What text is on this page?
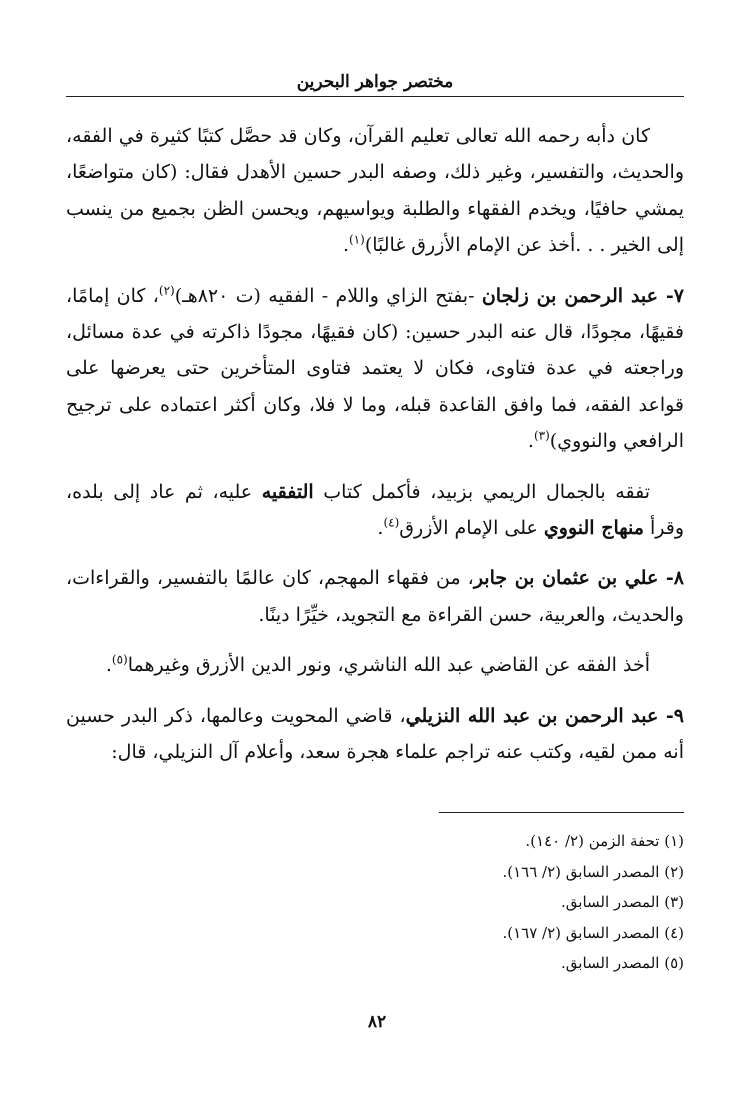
مختصر جواهر البحرين

كان دأبه رحمه الله تعالى تعليم القرآن، وكان قد حصَّل كتبًا كثيرة في الفقه، والحديث، والتفسير، وغير ذلك، وصفه البدر حسين الأهدل فقال: (كان متواضعًا، يمشي حافيًا، ويخدم الفقهاء والطلبة ويواسيهم، ويحسن الظن بجميع من ينسب إلى الخير . . .أخذ عن الإمام الأزرق غالبًا)$^{(١)}$.

٧- عبد الرحمن بن زلجان -بفتح الزاي واللام - الفقيه (ت ٨٢٠هـ)$^{(٢)}$، كان إمامًا، فقيهًا، مجودًا، قال عنه البدر حسين: (كان فقيهًا، مجودًا ذاكرته في عدة مسائل، وراجعته في عدة فتاوى، فكان لا يعتمد فتاوى المتأخرين حتى يعرضها على قواعد الفقه، فما وافق القاعدة قبله، وما لا فلا، وكان أكثر اعتماده على ترجيح الرافعي والنووي)$^{(٣)}$.

تفقه بالجمال الريمي بزبيد، فأكمل كتاب التفقيه عليه، ثم عاد إلى بلده، وقرأ منهاج النووي على الإمام الأزرق$^{(٤)}$.

٨- علي بن عثمان بن جابر، من فقهاء المهجم، كان عالمًا بالتفسير، والقراءات، والحديث، والعربية، حسن القراءة مع التجويد، خيِّرًا دينًا.

أخذ الفقه عن القاضي عبد الله الناشري، ونور الدين الأزرق وغيرهما$^{(٥)}$.

٩- عبد الرحمن بن عبد الله النزيلي، قاضي المحويت وعالمها، ذكر البدر حسين أنه ممن لقيه، وكتب عنه تراجم علماء هجرة سعد، وأعلام آل النزيلي، قال:

(١) تحفة الزمن (٢/ ١٤٠).
(٢) المصدر السابق (٢/ ١٦٦).
(٣) المصدر السابق.
(٤) المصدر السابق (٢/ ١٦٧).
(٥) المصدر السابق.
٨٢
